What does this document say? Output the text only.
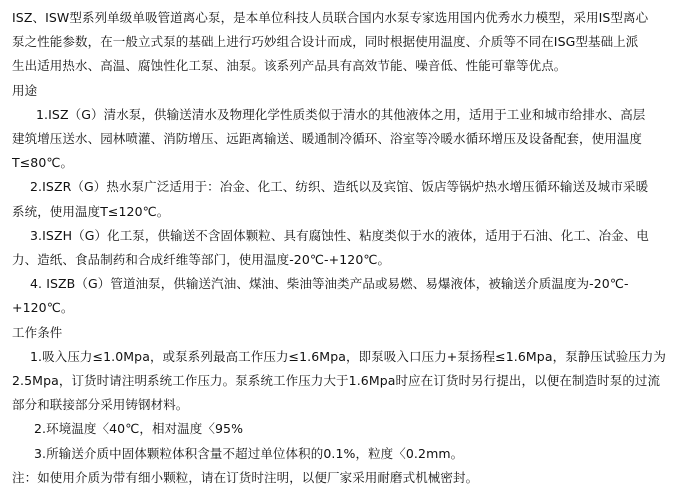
ISZ、ISW型系列单级单吸管道离心泵，是本单位科技人员联合国内水泵专家选用国内优秀水力模型，采用IS型离心
泵之性能参数，在一般立式泵的基础上进行巧妙组合设计而成，同时根据使用温度、介质等不同在ISG型基础上派
生出适用热水、高温、腐蚀性化工泵、油泵。该系列产品具有高效节能、噪音低、性能可靠等优点。
用途
1.ISZ（G）清水泵，供输送清水及物理化学性质类似于清水的其他液体之用，适用于工业和城市给排水、高层
建筑增压送水、园林喷灌、消防增压、远距离输送、暖通制冷循环、浴室等冷暖水循环增压及设备配套，使用温度
T≤80℃。
2.ISZR（G）热水泵广泛适用于：冶金、化工、纺织、造纸以及宾馆、饭店等锅炉热水增压循环输送及城市采暖
系统，使用温度T≤120℃。
3.ISZH（G）化工泵，供输送不含固体颗粒、具有腐蚀性、粘度类似于水的液体，适用于石油、化工、冶金、电
力、造纸、食品制药和合成纤维等部门，使用温度-20℃-+120℃。
4. ISZB（G）管道油泵，供输送汽油、煤油、柴油等油类产品或易燃、易爆液体，被输送介质温度为-20℃-
+120℃。
工作条件
1.吸入压力≤1.0Mpa，或泵系列最高工作压力≤1.6Mpa，即泵吸入口压力+泵扬程≤1.6Mpa，泵静压试验压力为
2.5Mpa，订货时请注明系统工作压力。泵系统工作压力大于1.6Mpa时应在订货时另行提出，以便在制造时泵的过流
部分和联接部分采用铸钢材料。
2.环境温度〈40℃，相对温度〈95%
3.所输送介质中固体颗粒体积含量不超过单位体积的0.1%，粒度〈0.2mm。
注：如使用介质为带有细小颗粒，请在订货时注明，以便厂家采用耐磨式机械密封。
